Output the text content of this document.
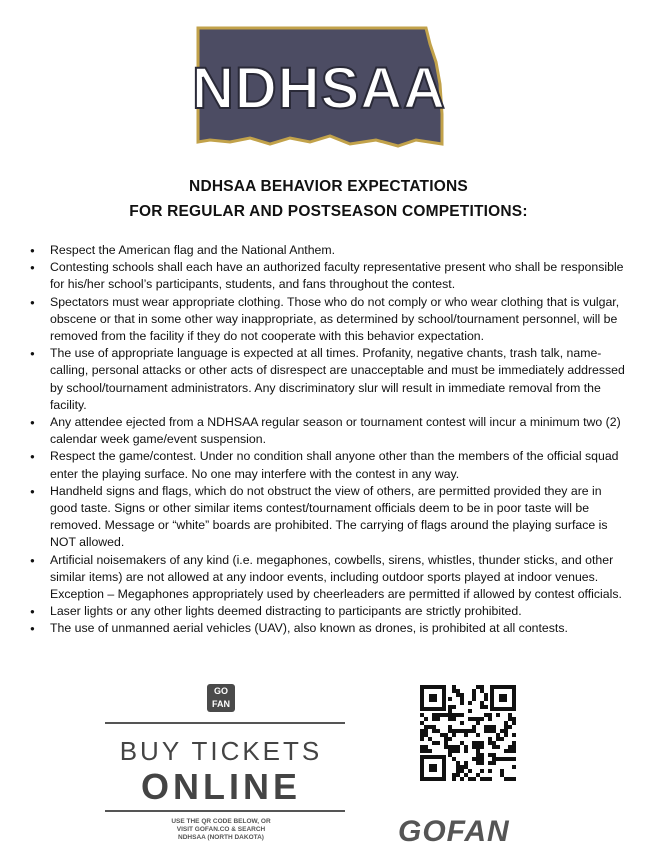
NDHSAA
NDHSAA BEHAVIOR EXPECTATIONS
FOR REGULAR AND POSTSEASON COMPETITIONS:
● Respect the American flag and the National Anthem.
● Contesting schools shall each have an authorized faculty representative present who shall be responsible for his/her school’s participants, students, and fans throughout the contest.
● Spectators must wear appropriate clothing. Those who do not comply or who wear clothing that is vulgar, obscene or that in some other way inappropriate, as determined by school/tournament personnel, will be removed from the facility if they do not cooperate with this behavior expectation.
● The use of appropriate language is expected at all times. Profanity, negative chants, trash talk, name-calling, personal attacks or other acts of disrespect are unacceptable and must be immediately addressed by school/tournament administrators. Any discriminatory slur will result in immediate removal from the facility.
● Any attendee ejected from a NDHSAA regular season or tournament contest will incur a minimum two (2) calendar week game/event suspension.
● Respect the game/contest. Under no condition shall anyone other than the members of the official squad enter the playing surface. No one may interfere with the contest in any way.
● Handheld signs and flags, which do not obstruct the view of others, are permitted provided they are in good taste. Signs or other similar items contest/tournament officials deem to be in poor taste will be removed. Message or “white” boards are prohibited. The carrying of flags around the playing surface is NOT allowed.
● Artificial noisemakers of any kind (i.e. megaphones, cowbells, sirens, whistles, thunder sticks, and other similar items) are not allowed at any indoor events, including outdoor sports played at indoor venues. Exception – Megaphones appropriately used by cheerleaders are permitted if allowed by contest officials.
● Laser lights or any other lights deemed distracting to participants are strictly prohibited.
● The use of unmanned aerial vehicles (UAV), also known as drones, is prohibited at all contests.
GO
FAN
BUY TICKETS
ONLINE
USE THE QR CODE BELOW, OR
VISIT GOFAN.CO & SEARCH
NDHSAA (NORTH DAKOTA)	GOFAN
